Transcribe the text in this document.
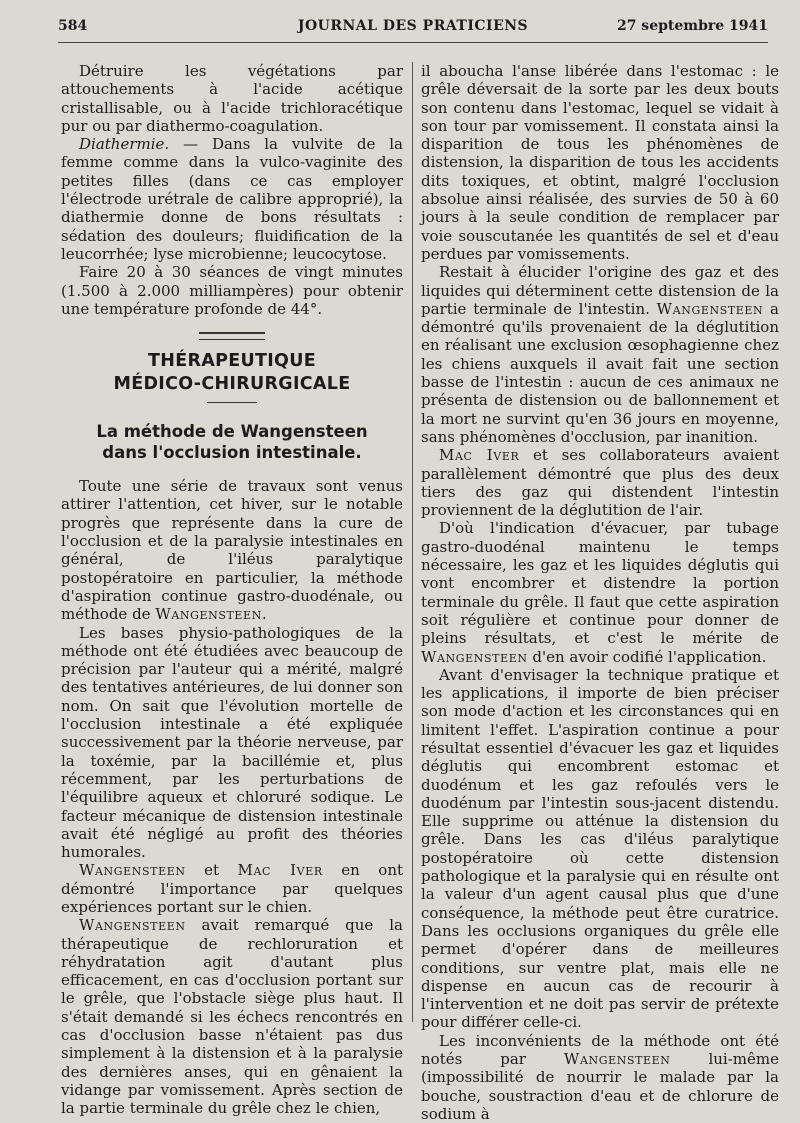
584	JOURNAL DES PRATICIENS	27 septembre 1941

Détruire les végétations par attouchements à l'acide acétique cristallisable, ou à l'acide trichloracétique pur ou par diathermo-coagulation.

Diathermie. — Dans la vulvite de la femme comme dans la vulco-vaginite des petites filles (dans ce cas employer l'électrode urétrale de calibre approprié), la diathermie donne de bons résultats : sédation des douleurs; fluidification de la leucorrhée; lyse microbienne; leucocytose.

Faire 20 à 30 séances de vingt minutes (1.500 à 2.000 milliampères) pour obtenir une température profonde de 44°.

THÉRAPEUTIQUE
MÉDICO-CHIRURGICALE
La méthode de Wangensteen
dans l'occlusion intestinale.

Toute une série de travaux sont venus attirer l'attention, cet hiver, sur le notable progrès que représente dans la cure de l'occlusion et de la paralysie intestinales en général, de l'iléus paralytique postopératoire en particulier, la méthode d'aspiration continue gastro-duodénale, ou méthode de Wangensteen.

Les bases physio-pathologiques de la méthode ont été étudiées avec beaucoup de précision par l'auteur qui a mérité, malgré des tentatives antérieures, de lui donner son nom. On sait que l'évolution mortelle de l'occlusion intestinale a été expliquée successivement par la théorie nerveuse, par la toxémie, par la bacillémie et, plus récemment, par les perturbations de l'équilibre aqueux et chloruré sodique. Le facteur mécanique de distension intestinale avait été négligé au profit des théories humorales.

Wangensteen et Mac Iver en ont démontré l'importance par quelques expériences portant sur le chien.

Wangensteen avait remarqué que la thérapeutique de rechloruration et réhydratation agit d'autant plus efficacement, en cas d'occlusion portant sur le grêle, que l'obstacle siège plus haut. Il s'était demandé si les échecs rencontrés en cas d'occlusion basse n'étaient pas dus simplement à la distension et à la paralysie des dernières anses, qui en gênaient la vidange par vomissement. Après section de la partie terminale du grêle chez le chien,

il aboucha l'anse libérée dans l'estomac : le grêle déversait de la sorte par les deux bouts son contenu dans l'estomac, lequel se vidait à son tour par vomissement. Il constata ainsi la disparition de tous les phénomènes de distension, la disparition de tous les accidents dits toxiques, et obtint, malgré l'occlusion absolue ainsi réalisée, des survies de 50 à 60 jours à la seule condition de remplacer par voie souscutanée les quantités de sel et d'eau perdues par vomissements.

Restait à élucider l'origine des gaz et des liquides qui déterminent cette distension de la partie terminale de l'intestin. Wangensteen a démontré qu'ils provenaient de la déglutition en réalisant une exclusion œsophagienne chez les chiens auxquels il avait fait une section basse de l'intestin : aucun de ces animaux ne présenta de distension ou de ballonnement et la mort ne survint qu'en 36 jours en moyenne, sans phénomènes d'occlusion, par inanition.

Mac Iver et ses collaborateurs avaient parallèlement démontré que plus des deux tiers des gaz qui distendent l'intestin proviennent de la déglutition de l'air.

D'où l'indication d'évacuer, par tubage gastro-duodénal maintenu le temps nécessaire, les gaz et les liquides déglutis qui vont encombrer et distendre la portion terminale du grêle. Il faut que cette aspiration soit régulière et continue pour donner de pleins résultats, et c'est le mérite de Wangensteen d'en avoir codifié l'application.

Avant d'envisager la technique pratique et les applications, il importe de bien préciser son mode d'action et les circonstances qui en limitent l'effet. L'aspiration continue a pour résultat essentiel d'évacuer les gaz et liquides déglutis qui encombrent estomac et duodénum et les gaz refoulés vers le duodénum par l'intestin sous-jacent distendu. Elle supprime ou atténue la distension du grêle. Dans les cas d'iléus paralytique postopératoire où cette distension pathologique et la paralysie qui en résulte ont la valeur d'un agent causal plus que d'une conséquence, la méthode peut être curatrice. Dans les occlusions organiques du grêle elle permet d'opérer dans de meilleures conditions, sur ventre plat, mais elle ne dispense en aucun cas de recourir à l'intervention et ne doit pas servir de prétexte pour différer celle-ci.

Les inconvénients de la méthode ont été notés par Wangensteen lui-même (impossibilité de nourrir le malade par la bouche, soustraction d'eau et de chlorure de sodium à
